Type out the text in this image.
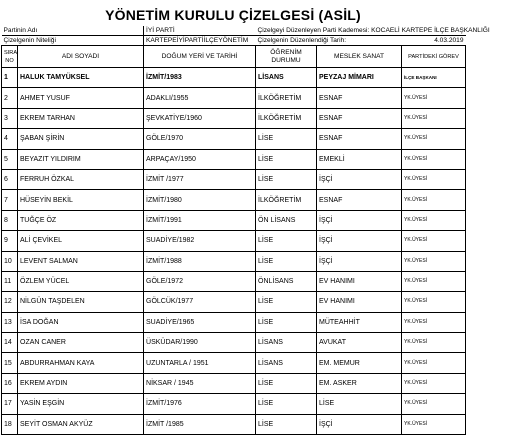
YÖNETİM KURULU ÇİZELGESİ (ASİL)
Partinin Adı		İYİ PARTİ	Çizelgeyi Düzenleyen Parti Kademesi: KOCAELİ KARTEPE İLÇE BAŞKANLIĞI		
Çizelgenin Niteliği		KARTEPEİYİPARTİİLÇEYÖNETİM	Çizelgenin Düzenlendiği Tarih:		4.03.2019
SIRA NO	ADI SOYADI	DOĞUM YERİ VE TARİHİ	ÖĞRENİM DURUMU	MESLEK SANAT	PARTİDEKİ GÖREV
1	HALUK TAMYÜKSEL	İZMİT/1983	LİSANS	PEYZAJ MİMARI	İLÇE BAŞKANI
2	AHMET YUSUF	ADAKLI/1955	İLKÖĞRETİM	ESNAF	YK.ÜYESİ
3	EKREM TARHAN	ŞEVKATİYE/1960	İLKÖĞRETİM	ESNAF	YK.ÜYESİ
4	ŞABAN ŞİRİN	GÖLE/1970	LİSE	ESNAF	YK.ÜYESİ
5	BEYAZIT YILDIRIM	ARPAÇAY/1950	LİSE	EMEKLİ	YK.ÜYESİ
6	FERRUH ÖZKAL	İZMİT /1977	LİSE	İŞÇİ	YK.ÜYESİ
7	HÜSEYİN BEKİL	İZMİT/1980	İLKÖĞRETİM	ESNAF	YK.ÜYESİ
8	TUĞÇE ÖZ	İZMİT/1991	ÖN LİSANS	İŞÇİ	YK.ÜYESİ
9	ALİ ÇEVİKEL	SUADİYE/1982	LİSE	İŞÇİ	YK.ÜYESİ
10	LEVENT SALMAN	İZMİT/1988	LİSE	İŞÇİ	YK.ÜYESİ
11	ÖZLEM YÜCEL	GÖLE/1972	ÖNLİSANS	EV HANIMI	YK.ÜYESİ
12	NİLGÜN TAŞDELEN	GÖLCÜK/1977	LİSE	EV HANIMI	YK.ÜYESİ
13	İSA DOĞAN	SUADİYE/1965	LİSE	MÜTEAHHİT	YK.ÜYESİ
14	OZAN CANER	ÜSKÜDAR/1990	LİSANS	AVUKAT	YK.ÜYESİ
15	ABDURRAHMAN KAYA	UZUNTARLA / 1951	LİSANS	EM. MEMUR	YK.ÜYESİ
16	EKREM AYDIN	NİKSAR / 1945	LİSE	EM. ASKER	YK.ÜYESİ
17	YASİN EŞGİN	İZMİT/1976	LİSE	LİSE	YK.ÜYESİ
18	SEYİT OSMAN AKYÜZ	İZMİT /1985	LİSE	İŞÇİ	YK.ÜYESİ
